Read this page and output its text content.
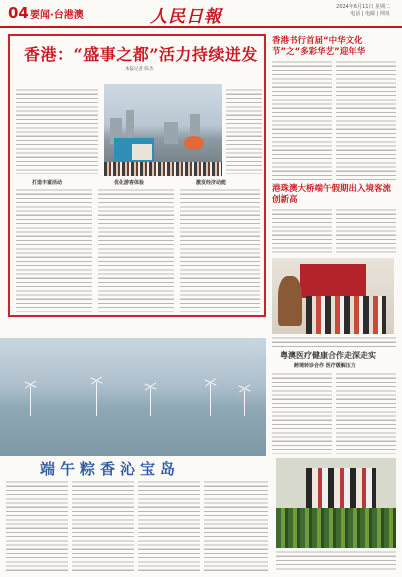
04 要闻·台港澳	人民日報	2024年6月11日 星期二
电话 | 电邮 | 网址
香港：“盛事之都”活力持续迸发
本报记者 陈杰
打造丰富活动	优化游客体验	激发经济动能
香港书行首届“中华文化节”之“多彩华艺”迎年华
港珠澳大桥端午假期出入境客流创新高
粤澳医疗健康合作走深走实
跨境转诊合作 医疗缓解压力
端午粽香沁宝岛
